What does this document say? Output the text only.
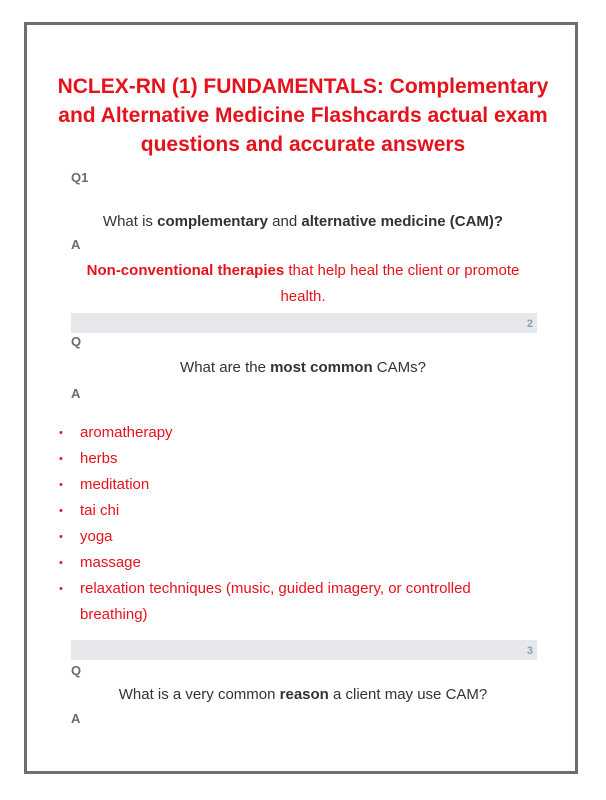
NCLEX-RN (1) FUNDAMENTALS: Complementary and Alternative Medicine Flashcards actual exam questions and accurate answers
Q1
What is complementary and alternative medicine (CAM)?
A
Non-conventional therapies that help heal the client or promote health.
2
Q
What are the most common CAMs?
A
• aromatherapy
• herbs
• meditation
• tai chi
• yoga
• massage
• relaxation techniques (music, guided imagery, or controlled breathing)
3
Q
What is a very common reason a client may use CAM?
A
